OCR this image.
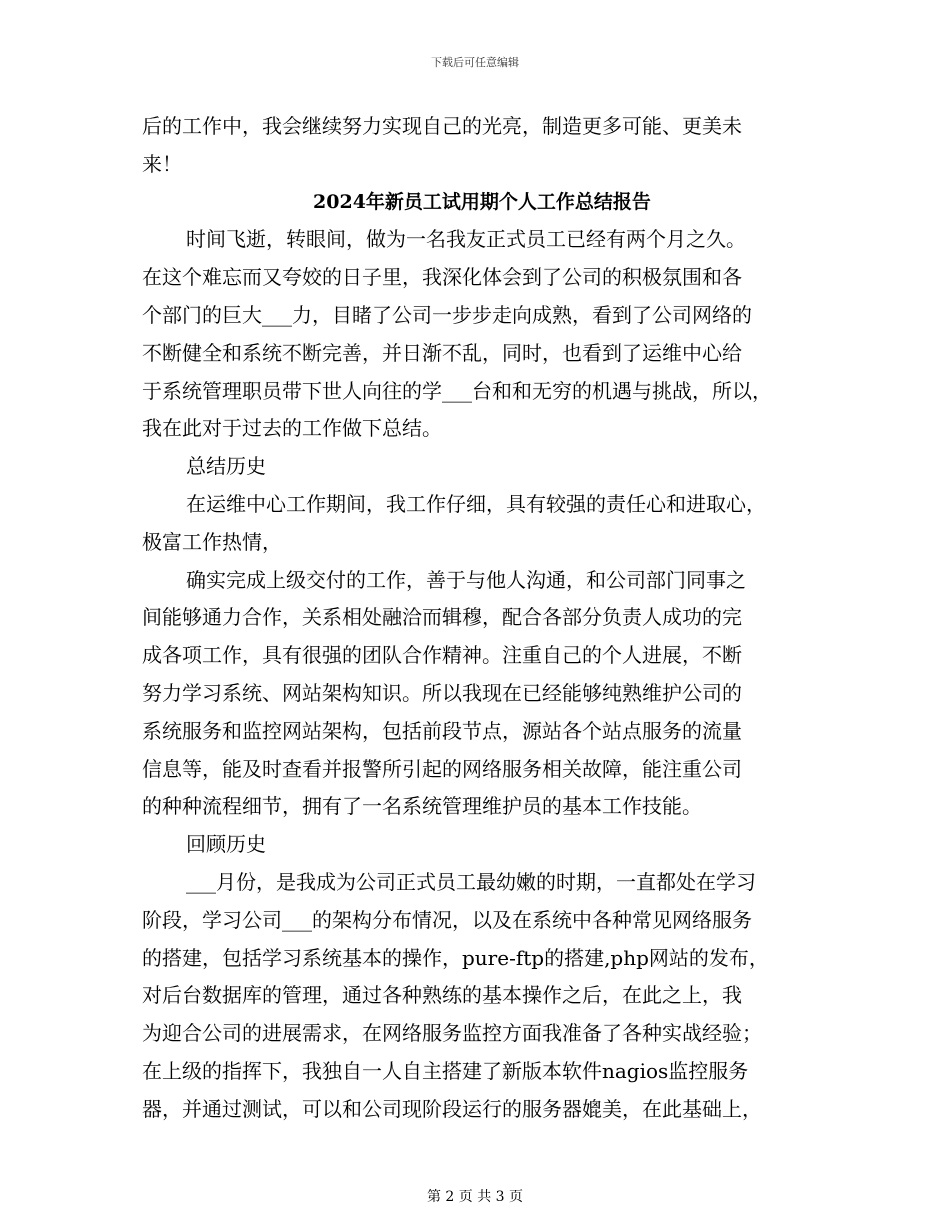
下载后可任意编辑
后的工作中，我会继续努力实现自己的光亮，制造更多可能、更美未
来！
2024年新员工试用期个人工作总结报告
时间飞逝，转眼间，做为一名我友正式员工已经有两个月之久。
在这个难忘而又夸姣的日子里，我深化体会到了公司的积极氛围和各
个部门的巨大___力，目睹了公司一步步走向成熟，看到了公司网络的
不断健全和系统不断完善，并日渐不乱，同时，也看到了运维中心给
于系统管理职员带下世人向往的学___台和和无穷的机遇与挑战，所以，
我在此对于过去的工作做下总结。
总结历史
在运维中心工作期间，我工作仔细，具有较强的责任心和进取心，
极富工作热情，
确实完成上级交付的工作，善于与他人沟通，和公司部门同事之
间能够通力合作，关系相处融洽而辑穆，配合各部分负责人成功的完
成各项工作，具有很强的团队合作精神。注重自己的个人进展，不断
努力学习系统、网站架构知识。所以我现在已经能够纯熟维护公司的
系统服务和监控网站架构，包括前段节点，源站各个站点服务的流量
信息等，能及时查看并报警所引起的网络服务相关故障，能注重公司
的种种流程细节，拥有了一名系统管理维护员的基本工作技能。
回顾历史
___月份，是我成为公司正式员工最幼嫩的时期，一直都处在学习
阶段，学习公司___的架构分布情况，以及在系统中各种常见网络服务
的搭建，包括学习系统基本的操作，pure-ftp的搭建,php网站的发布，
对后台数据库的管理，通过各种熟练的基本操作之后，在此之上，我
为迎合公司的进展需求，在网络服务监控方面我准备了各种实战经验；
在上级的指挥下，我独自一人自主搭建了新版本软件nagios监控服务
器，并通过测试，可以和公司现阶段运行的服务器媲美，在此基础上，
第 2 页 共 3 页
